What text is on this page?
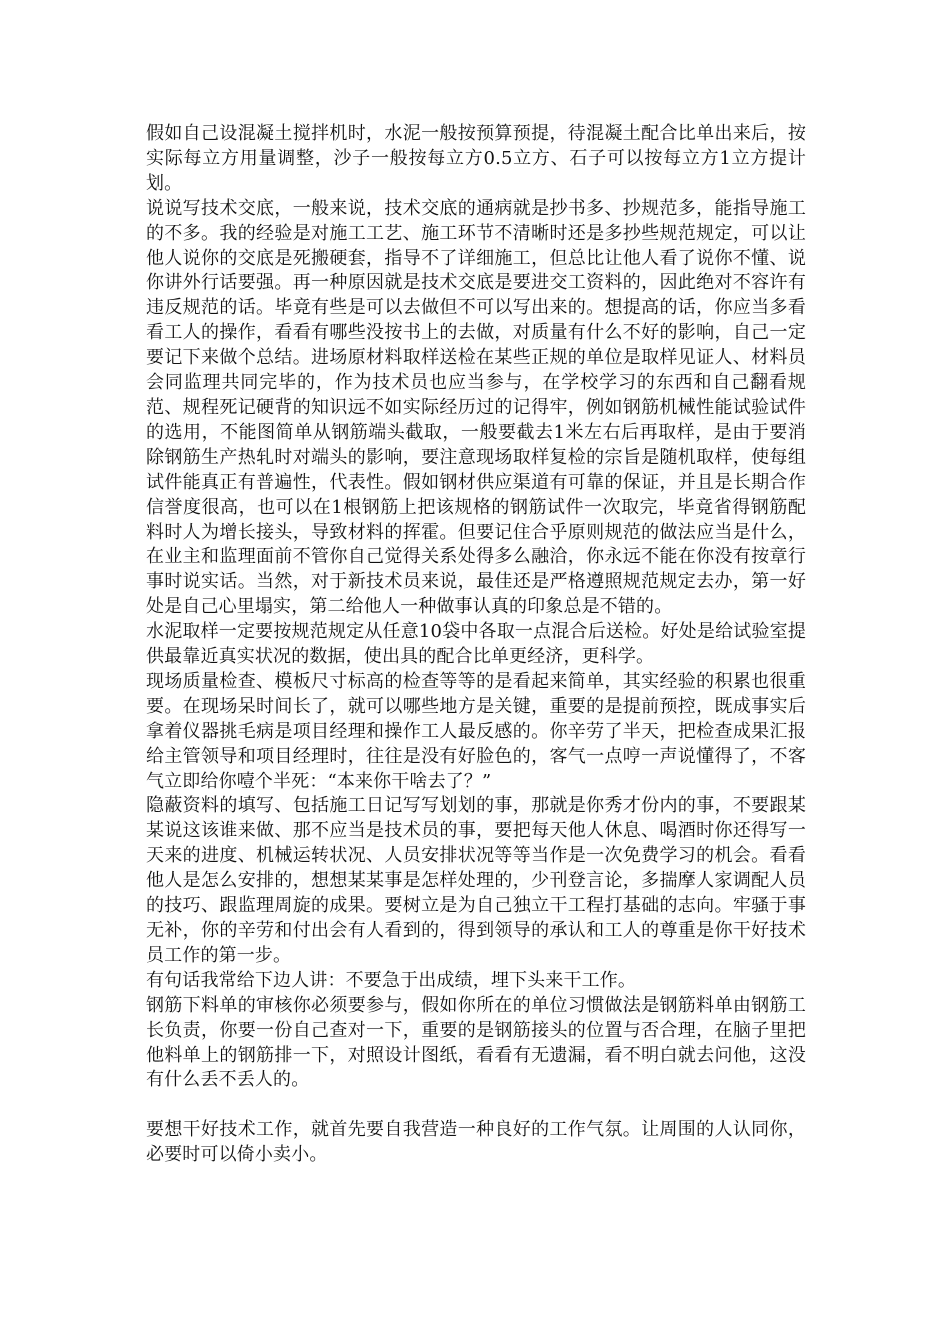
假如自己设混凝土搅拌机时，水泥一般按预算预提，待混凝土配合比单出来后，按实际每立方用量调整，沙子一般按每立方0.5立方、石子可以按每立方1立方提计划。

说说写技术交底，一般来说，技术交底的通病就是抄书多、抄规范多，能指导施工的不多。我的经验是对施工工艺、施工环节不清晰时还是多抄些规范规定，可以让他人说你的交底是死搬硬套，指导不了详细施工，但总比让他人看了说你不懂、说你讲外行话要强。再一种原因就是技术交底是要进交工资料的，因此绝对不容许有违反规范的话。毕竟有些是可以去做但不可以写出来的。想提高的话，你应当多看看工人的操作，看看有哪些没按书上的去做，对质量有什么不好的影响，自己一定要记下来做个总结。进场原材料取样送检在某些正规的单位是取样见证人、材料员会同监理共同完毕的，作为技术员也应当参与，在学校学习的东西和自己翻看规范、规程死记硬背的知识远不如实际经历过的记得牢，例如钢筋机械性能试验试件的选用，不能图简单从钢筋端头截取，一般要截去1米左右后再取样，是由于要消除钢筋生产热轧时对端头的影响，要注意现场取样复检的宗旨是随机取样，使每组试件能真正有普遍性，代表性。假如钢材供应渠道有可靠的保证，并且是长期合作信誉度很高，也可以在1根钢筋上把该规格的钢筋试件一次取完，毕竟省得钢筋配料时人为增长接头，导致材料的挥霍。但要记住合乎原则规范的做法应当是什么，在业主和监理面前不管你自己觉得关系处得多么融洽，你永远不能在你没有按章行事时说实话。当然，对于新技术员来说，最佳还是严格遵照规范规定去办，第一好处是自己心里塌实，第二给他人一种做事认真的印象总是不错的。

水泥取样一定要按规范规定从任意10袋中各取一点混合后送检。好处是给试验室提供最靠近真实状况的数据，使出具的配合比单更经济，更科学。

现场质量检查、模板尺寸标高的检查等等的是看起来简单，其实经验的积累也很重要。在现场呆时间长了，就可以哪些地方是关键，重要的是提前预控，既成事实后拿着仪器挑毛病是项目经理和操作工人最反感的。你辛劳了半天，把检查成果汇报给主管领导和项目经理时，往往是没有好脸色的，客气一点哼一声说懂得了，不客气立即给你噎个半死：“本来你干啥去了？”

隐蔽资料的填写、包括施工日记写写划划的事，那就是你秀才份内的事，不要跟某某说这该谁来做、那不应当是技术员的事，要把每天他人休息、喝酒时你还得写一天来的进度、机械运转状况、人员安排状况等等当作是一次免费学习的机会。看看他人是怎么安排的，想想某某事是怎样处理的，少刊登言论，多揣摩人家调配人员的技巧、跟监理周旋的成果。要树立是为自己独立干工程打基础的志向。牢骚于事无补，你的辛劳和付出会有人看到的，得到领导的承认和工人的尊重是你干好技术员工作的第一步。

有句话我常给下边人讲：不要急于出成绩，埋下头来干工作。

钢筋下料单的审核你必须要参与，假如你所在的单位习惯做法是钢筋料单由钢筋工长负责，你要一份自己查对一下，重要的是钢筋接头的位置与否合理，在脑子里把他料单上的钢筋排一下，对照设计图纸，看看有无遗漏，看不明白就去问他，这没有什么丢不丢人的。

要想干好技术工作，就首先要自我营造一种良好的工作气氛。让周围的人认同你，必要时可以倚小卖小。
